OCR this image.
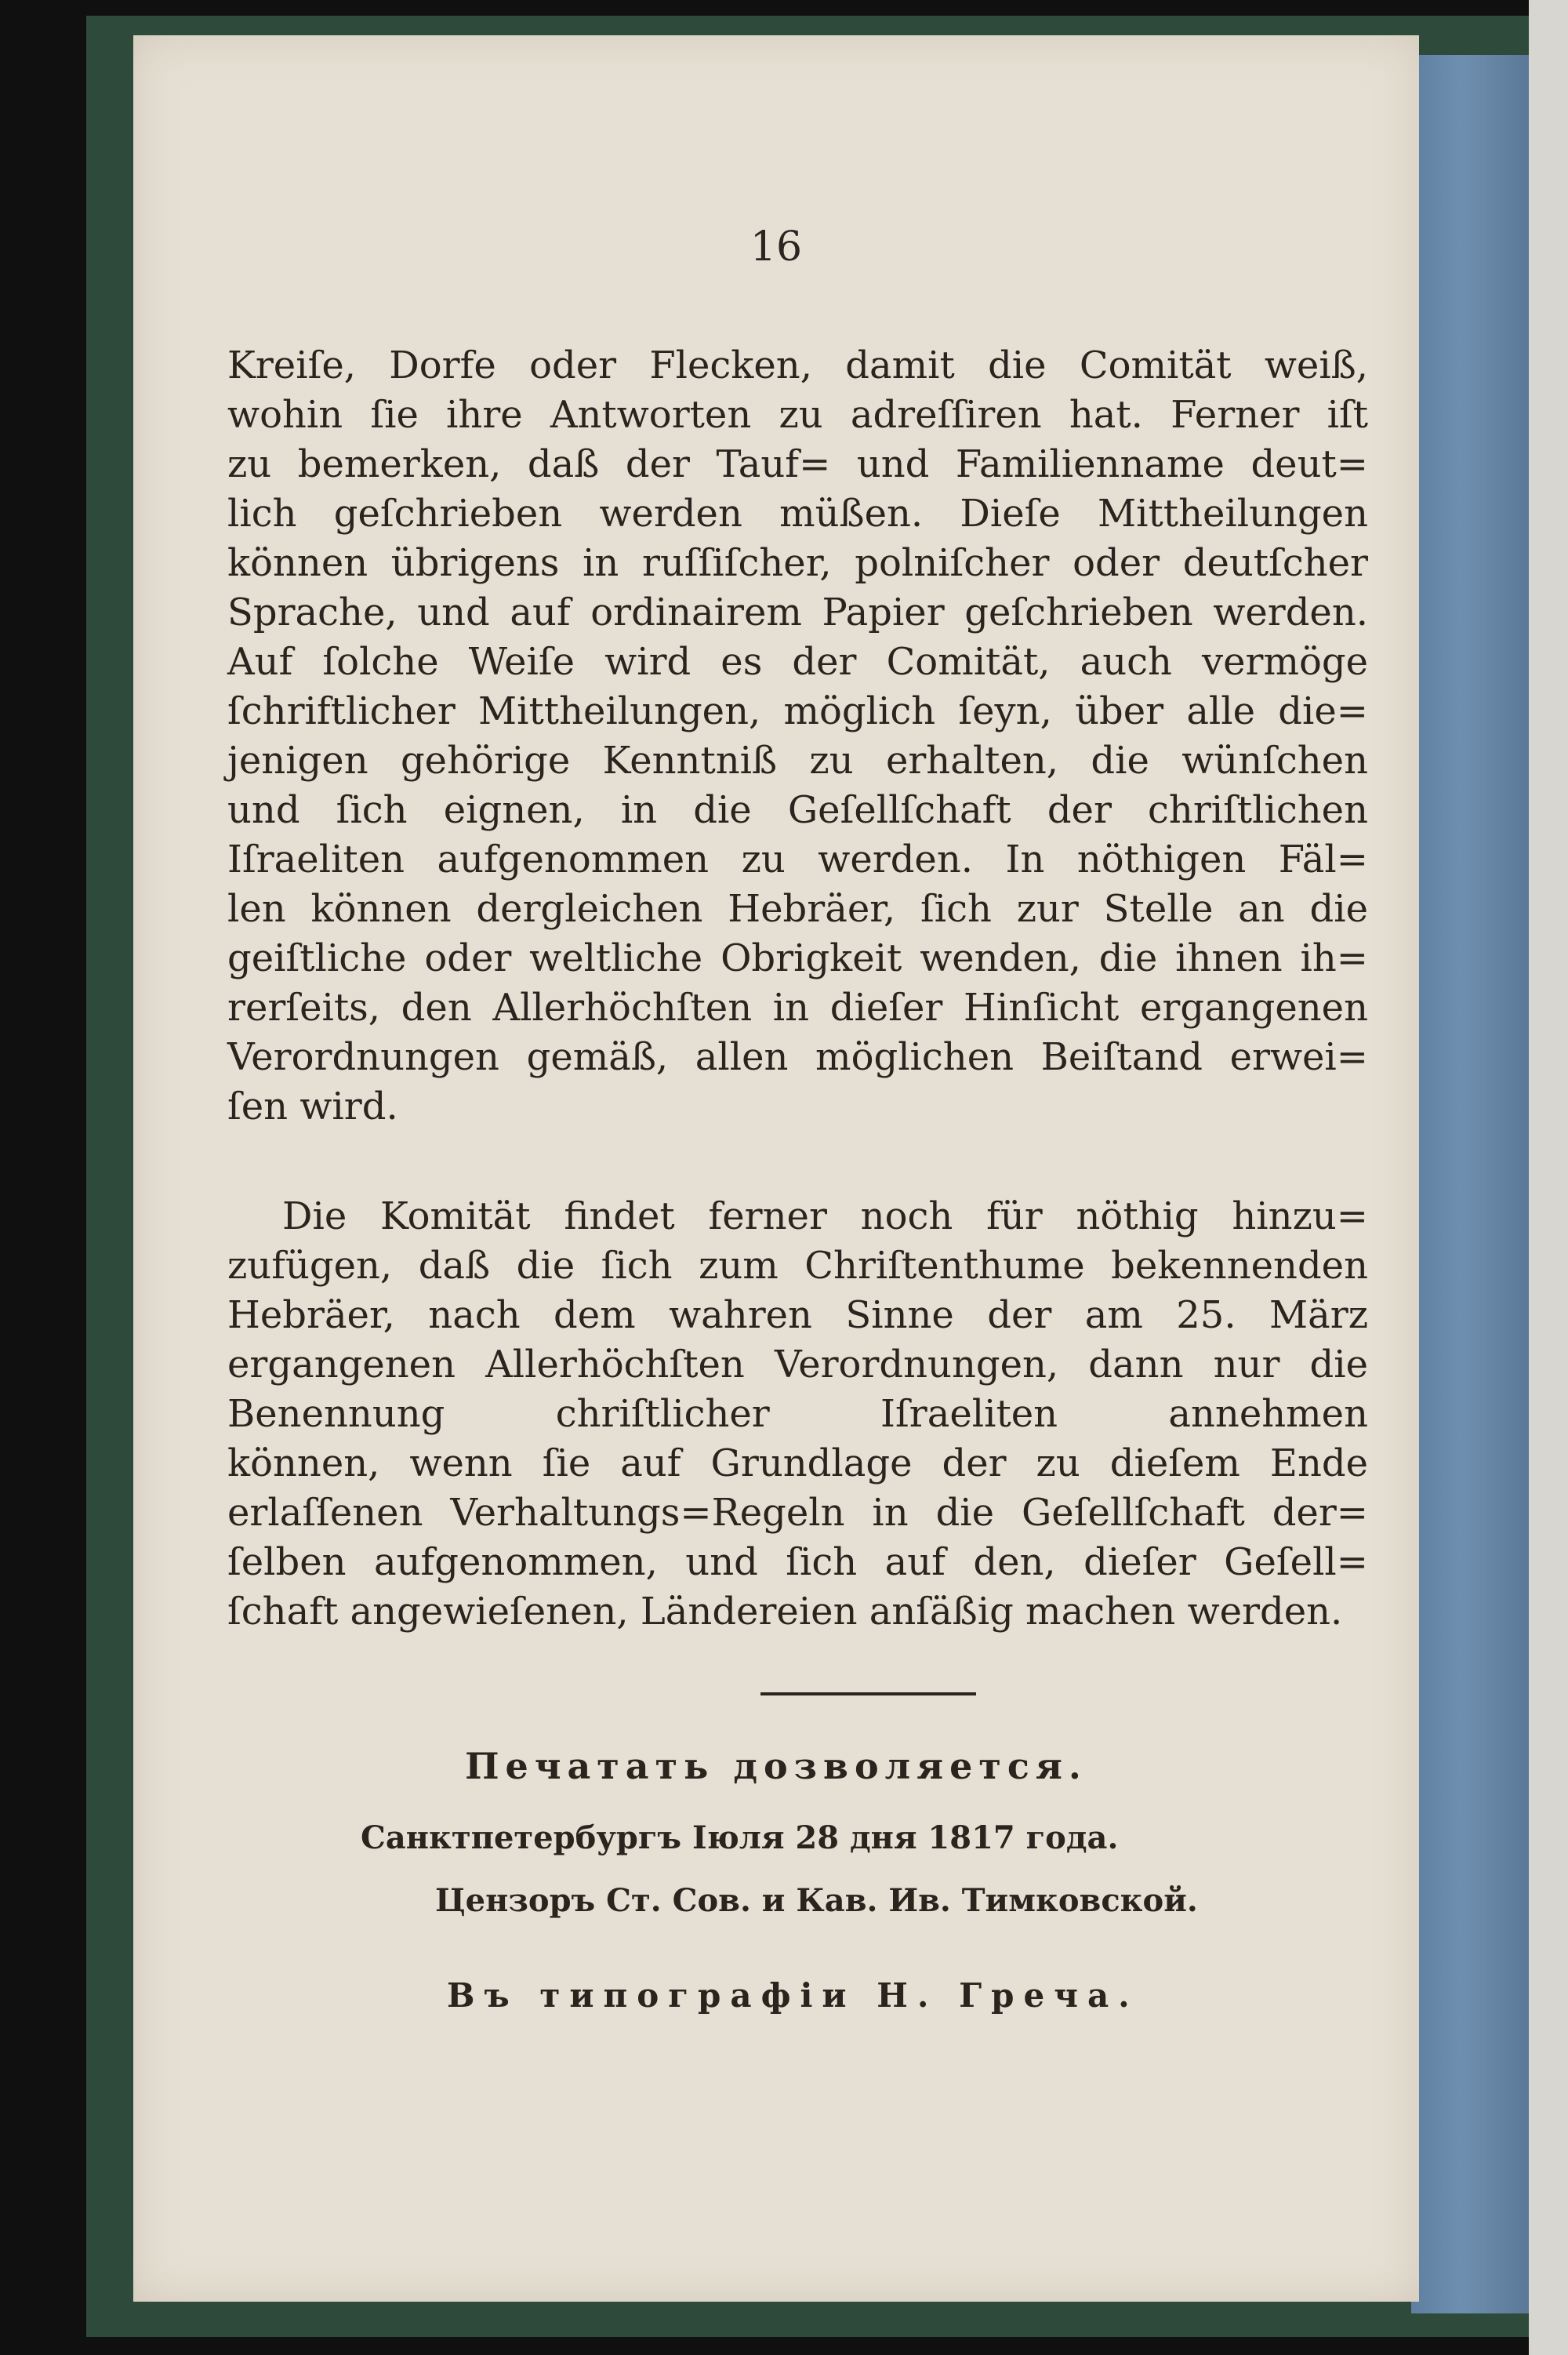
16
Kreiſe, Dorfe oder Flecken, damit die Comität weiß,
wohin ſie ihre Antworten zu adreſſiren hat. Ferner iſt
zu bemerken, daß der Tauf= und Familienname deut=
lich geſchrieben werden müßen. Dieſe Mittheilungen
können übrigens in ruſſiſcher, polniſcher oder deutſcher
Sprache, und auf ordinairem Papier geſchrieben werden.
Auf ſolche Weiſe wird es der Comität, auch vermöge
ſchriftlicher Mittheilungen, möglich ſeyn, über alle die=
jenigen gehörige Kenntniß zu erhalten, die wünſchen
und ſich eignen, in die Geſellſchaft der chriſtlichen
Iſraeliten aufgenommen zu werden. In nöthigen Fäl=
len können dergleichen Hebräer, ſich zur Stelle an die
geiſtliche oder weltliche Obrigkeit wenden, die ihnen ih=
rerſeits, den Allerhöchſten in dieſer Hinſicht ergangenen
Verordnungen gemäß, allen möglichen Beiſtand erwei=
ſen wird.
Die Komität findet ferner noch für nöthig hinzu=
zufügen, daß die ſich zum Chriſtenthume bekennenden
Hebräer, nach dem wahren Sinne der am 25. März
ergangenen Allerhöchſten Verordnungen, dann nur die
Benennung chriſtlicher Iſraeliten annehmen
können, wenn ſie auf Grundlage der zu dieſem Ende
erlaſſenen Verhaltungs=Regeln in die Geſellſchaft der=
ſelben aufgenommen, und ſich auf den, dieſer Geſell=
ſchaft angewieſenen, Ländereien anſäßig machen werden.
Печатать дозволяется.
Санктпетербургъ Іюля 28 дня 1817 года.
Цензоръ Ст. Сов. и Кав. Ив. Тимковской.
Въ типографіи Н. Греча.
